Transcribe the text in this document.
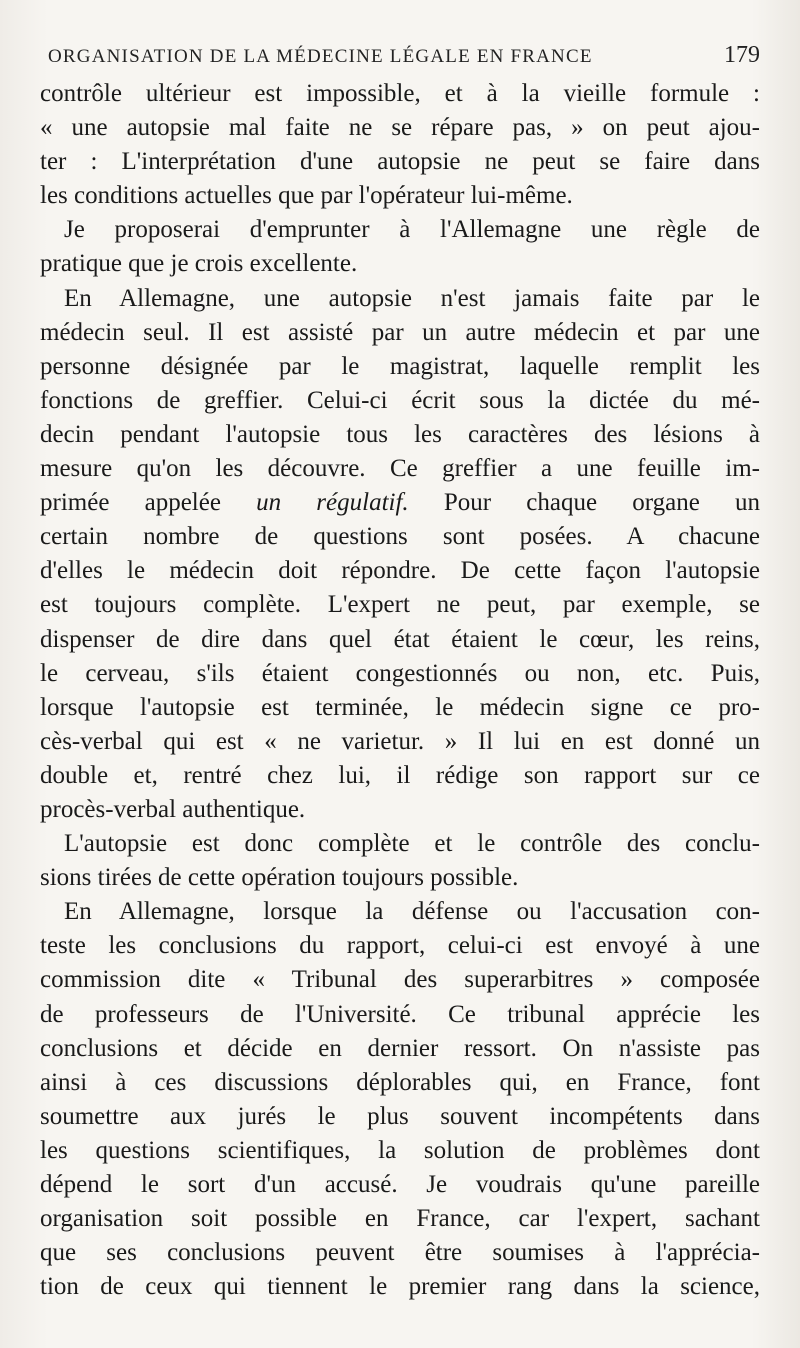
ORGANISATION DE LA MÉDECINE LÉGALE EN FRANCE	179
contrôle ultérieur est impossible, et à la vieille formule :
« une autopsie mal faite ne se répare pas, » on peut ajou-
ter : L'interprétation d'une autopsie ne peut se faire dans
les conditions actuelles que par l'opérateur lui-même.
Je proposerai d'emprunter à l'Allemagne une règle de
pratique que je crois excellente.
En Allemagne, une autopsie n'est jamais faite par le
médecin seul. Il est assisté par un autre médecin et par une
personne désignée par le magistrat, laquelle remplit les
fonctions de greffier. Celui-ci écrit sous la dictée du mé-
decin pendant l'autopsie tous les caractères des lésions à
mesure qu'on les découvre. Ce greffier a une feuille im-
primée appelée un régulatif. Pour chaque organe un
certain nombre de questions sont posées. A chacune
d'elles le médecin doit répondre. De cette façon l'autopsie
est toujours complète. L'expert ne peut, par exemple, se
dispenser de dire dans quel état étaient le cœur, les reins,
le cerveau, s'ils étaient congestionnés ou non, etc. Puis,
lorsque l'autopsie est terminée, le médecin signe ce pro-
cès-verbal qui est « ne varietur. » Il lui en est donné un
double et, rentré chez lui, il rédige son rapport sur ce
procès-verbal authentique.
L'autopsie est donc complète et le contrôle des conclu-
sions tirées de cette opération toujours possible.
En Allemagne, lorsque la défense ou l'accusation con-
teste les conclusions du rapport, celui-ci est envoyé à une
commission dite « Tribunal des superarbitres » composée
de professeurs de l'Université. Ce tribunal apprécie les
conclusions et décide en dernier ressort. On n'assiste pas
ainsi à ces discussions déplorables qui, en France, font
soumettre aux jurés le plus souvent incompétents dans
les questions scientifiques, la solution de problèmes dont
dépend le sort d'un accusé. Je voudrais qu'une pareille
organisation soit possible en France, car l'expert, sachant
que ses conclusions peuvent être soumises à l'apprécia-
tion de ceux qui tiennent le premier rang dans la science,
